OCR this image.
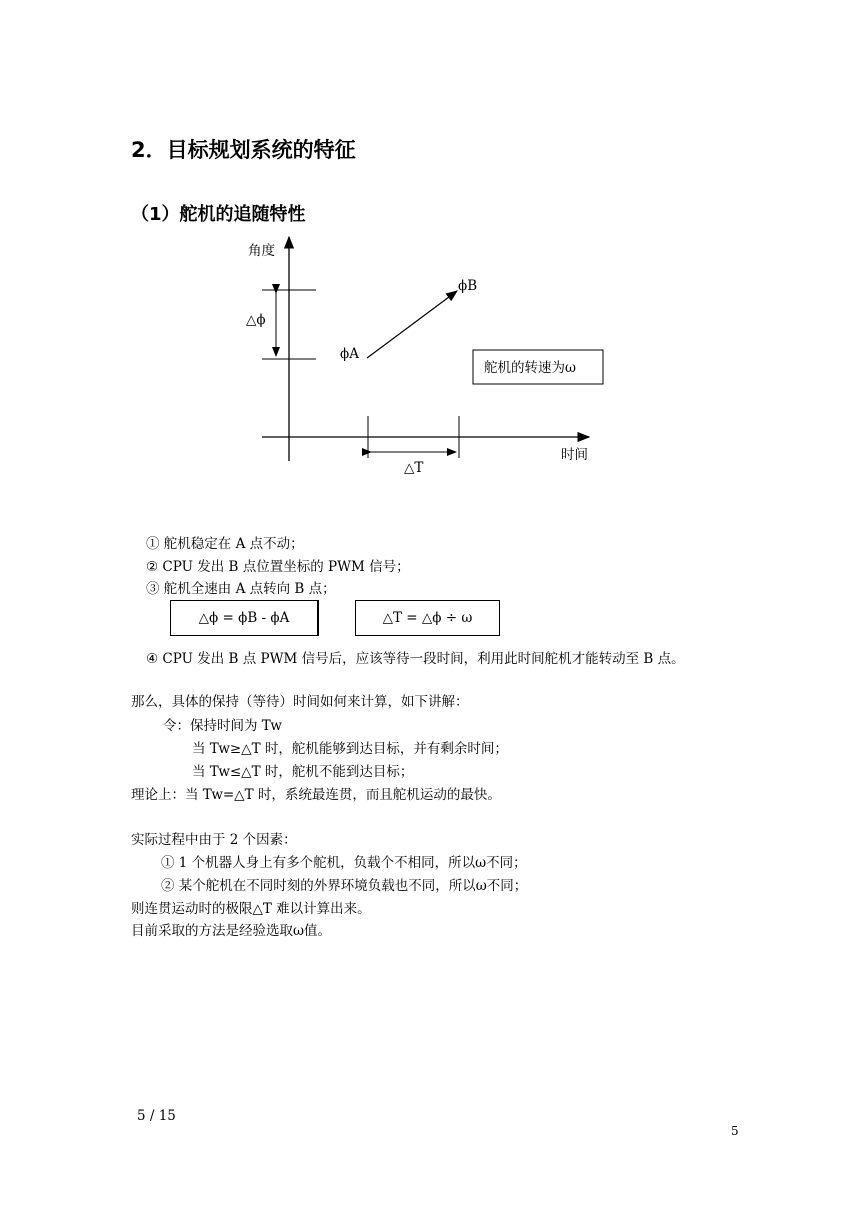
2．目标规划系统的特征
（1）舵机的追随特性
角度
时间
ϕB
ϕA
△ϕ
△T
舵机的转速为ω
① 舵机稳定在 A 点不动；
② CPU 发出 B 点位置坐标的 PWM 信号；
③ 舵机全速由 A 点转向 B 点；
△ϕ = ϕB - ϕA	△T = △ϕ ÷ ω
④ CPU 发出 B 点 PWM 信号后，应该等待一段时间，利用此时间舵机才能转动至 B 点。
那么，具体的保持（等待）时间如何来计算，如下讲解：
令：保持时间为 Tw
当 Tw≥△T 时，舵机能够到达目标，并有剩余时间；
当 Tw≤△T 时，舵机不能到达目标；
理论上：当 Tw=△T 时，系统最连贯，而且舵机运动的最快。
实际过程中由于 2 个因素：
① 1 个机器人身上有多个舵机，负载个不相同，所以ω不同；
② 某个舵机在不同时刻的外界环境负载也不同，所以ω不同；
则连贯运动时的极限△T 难以计算出来。
目前采取的方法是经验选取ω值。
5 / 15
5
